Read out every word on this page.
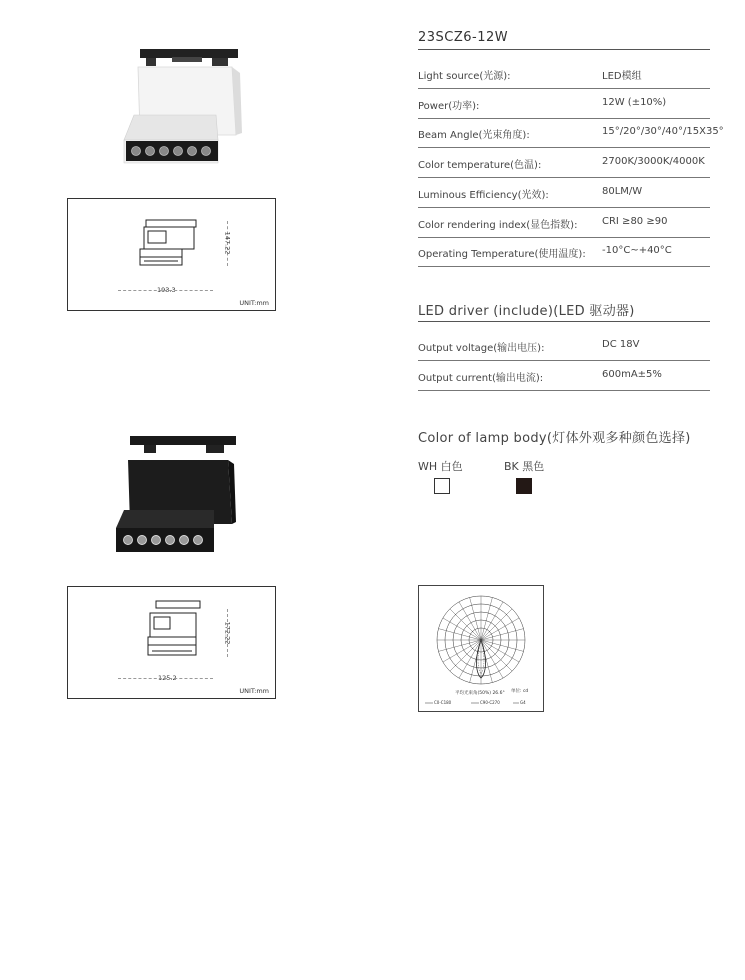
147.22
193.3
UNIT:mm
172.22
125.2
UNIT:mm
23SCZ6-12W
Light source(光源):	LED模组
Power(功率):	12W (±10%)
Beam Angle(光束角度):	15°/20°/30°/40°/15X35°
Color temperature(色温):	2700K/3000K/4000K
Luminous Efficiency(光效):	80LM/W
Color rendering index(显色指数): CRI ≥80 ≥90
Operating Temperature(使用温度): -10°C~+40°C
LED driver (include)(LED 驱动器)
Output voltage(输出电压):	DC 18V
Output current(输出电流):	600mA±5%
Color of lamp body(灯体外观多种颜色选择)
WH 白色	BK 黑色
平均光束角(50%) 26.6° 单位: cd
C0-C180	C90-C270	G4
